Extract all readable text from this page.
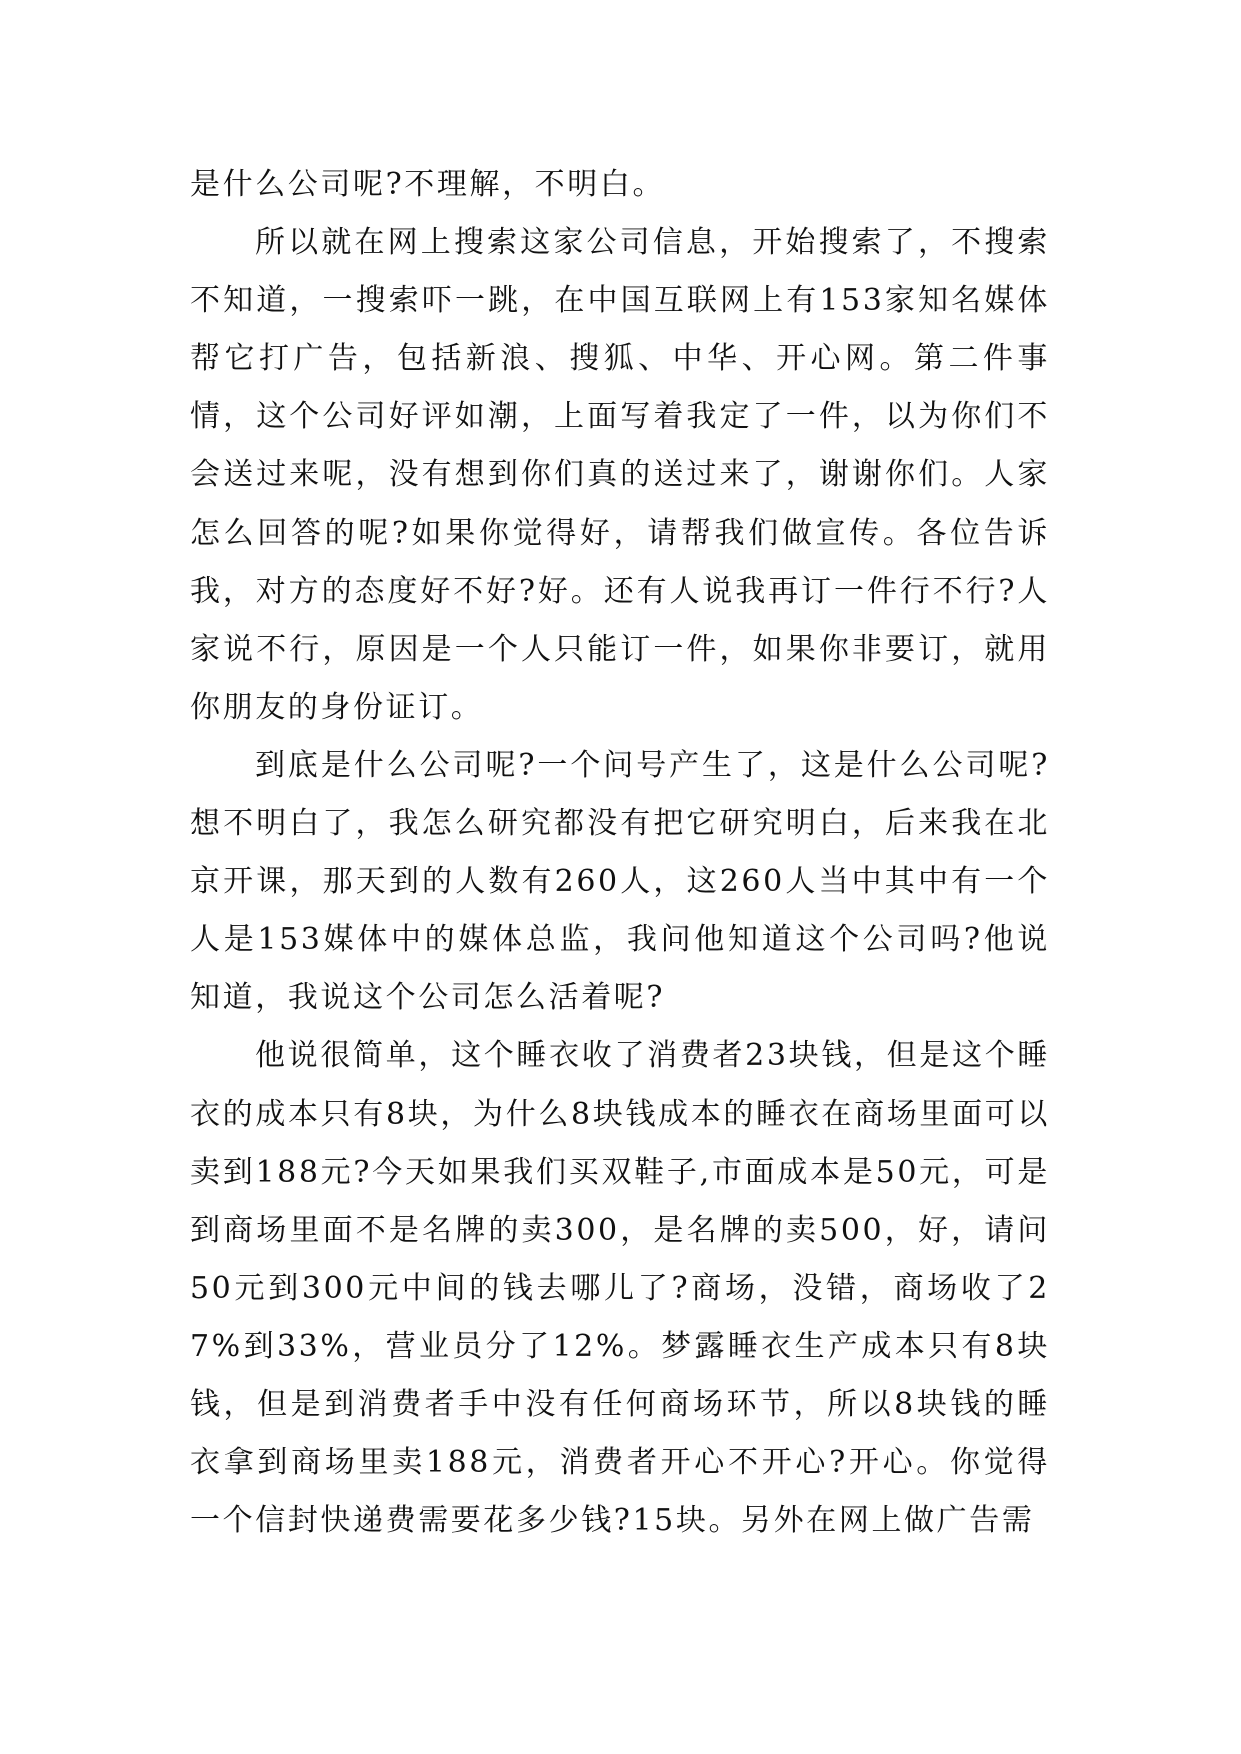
是什么公司呢?不理解，不明白。

所以就在网上搜索这家公司信息，开始搜索了，不搜索不知道，一搜索吓一跳，在中国互联网上有153家知名媒体帮它打广告，包括新浪、搜狐、中华、开心网。第二件事情，这个公司好评如潮，上面写着我定了一件，以为你们不会送过来呢，没有想到你们真的送过来了，谢谢你们。人家怎么回答的呢?如果你觉得好，请帮我们做宣传。各位告诉我，对方的态度好不好?好。还有人说我再订一件行不行?人家说不行，原因是一个人只能订一件，如果你非要订，就用你朋友的身份证订。

到底是什么公司呢?一个问号产生了，这是什么公司呢?想不明白了，我怎么研究都没有把它研究明白，后来我在北京开课，那天到的人数有260人，这260人当中其中有一个人是153媒体中的媒体总监，我问他知道这个公司吗?他说知道，我说这个公司怎么活着呢?

他说很简单，这个睡衣收了消费者23块钱，但是这个睡衣的成本只有8块，为什么8块钱成本的睡衣在商场里面可以卖到188元?今天如果我们买双鞋子,市面成本是50元，可是到商场里面不是名牌的卖300，是名牌的卖500，好，请问50元到300元中间的钱去哪儿了?商场，没错，商场收了27%到33%，营业员分了12%。梦露睡衣生产成本只有8块钱，但是到消费者手中没有任何商场环节，所以8块钱的睡衣拿到商场里卖188元，消费者开心不开心?开心。你觉得一个信封快递费需要花多少钱?15块。另外在网上做广告需
